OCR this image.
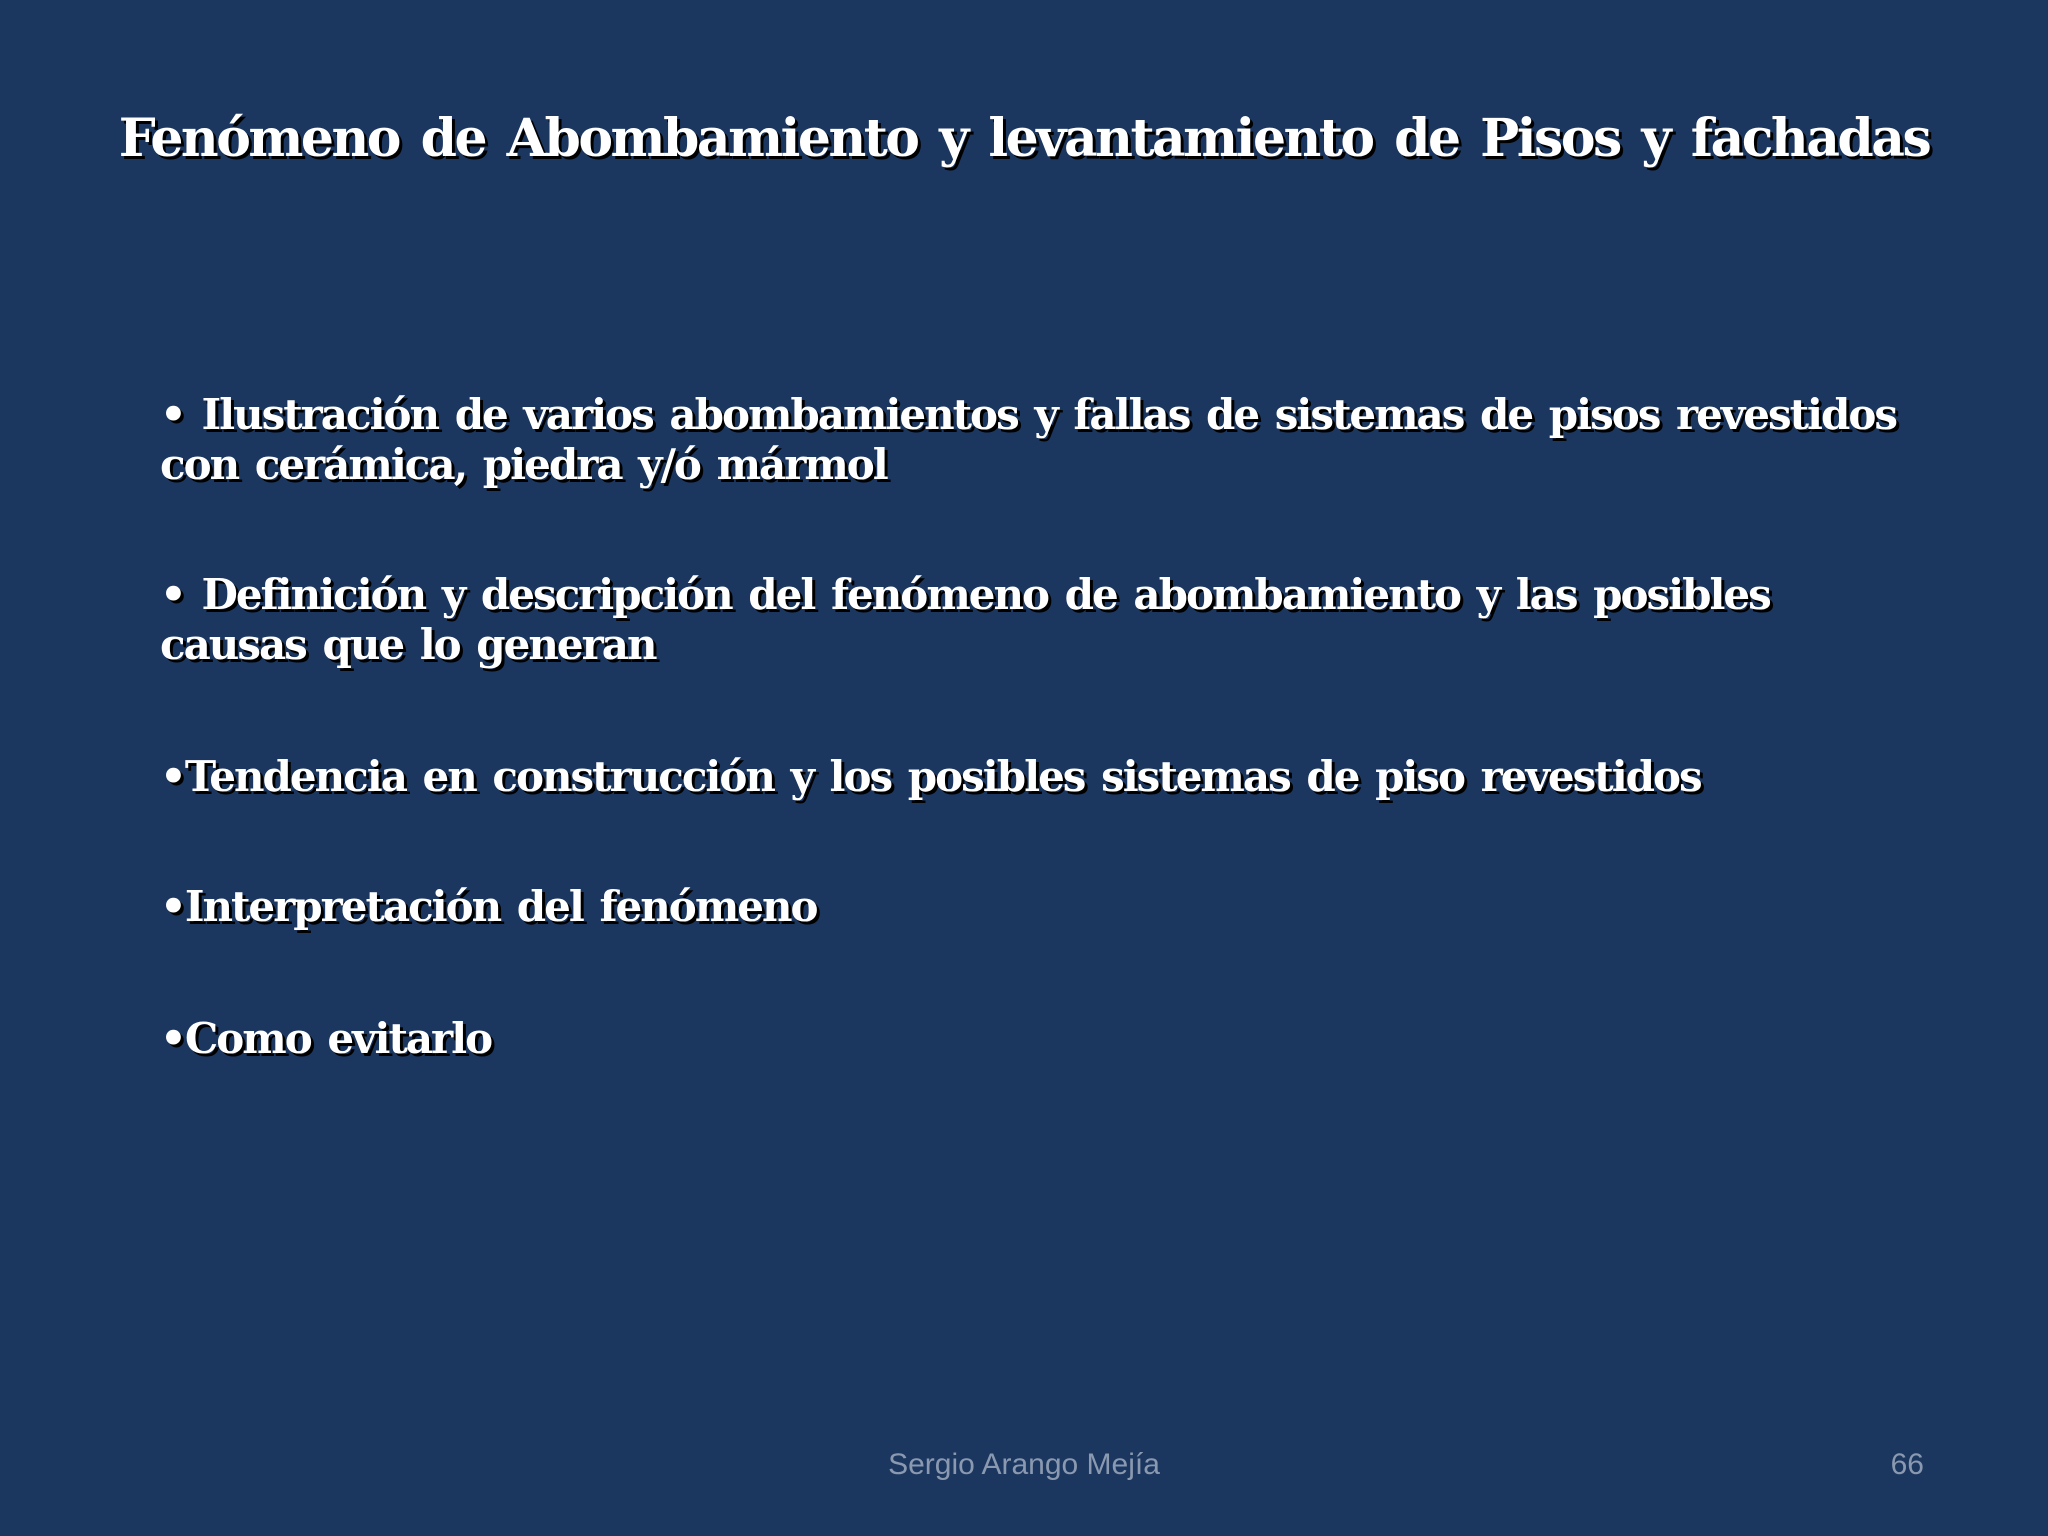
Fenómeno de Abombamiento y levantamiento de Pisos y fachadas
• Ilustración de varios abombamientos y fallas de sistemas de pisos revestidos con cerámica, piedra y/ó mármol
• Definición y descripción del fenómeno de abombamiento y las posibles causas que lo generan
•Tendencia en construcción y los posibles sistemas de piso revestidos
•Interpretación del fenómeno
•Como evitarlo
Sergio Arango Mejía	66
